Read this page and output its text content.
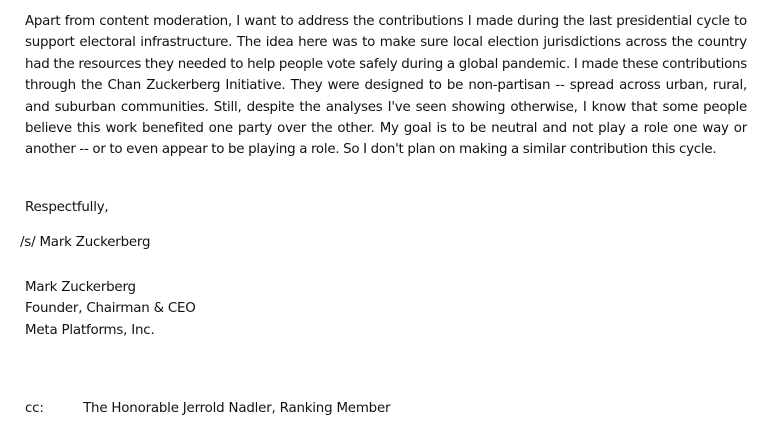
Apart from content moderation, I want to address the contributions I made during the last presidential cycle to support electoral infrastructure. The idea here was to make sure local election jurisdictions across the country had the resources they needed to help people vote safely during a global pandemic. I made these contributions through the Chan Zuckerberg Initiative. They were designed to be non-partisan -- spread across urban, rural, and suburban communities. Still, despite the analyses I've seen showing otherwise, I know that some people believe this work benefited one party over the other. My goal is to be neutral and not play a role one way or another -- or to even appear to be playing a role. So I don't plan on making a similar contribution this cycle.

Respectfully,

/s/ Mark Zuckerberg

Mark Zuckerberg
Founder, Chairman & CEO
Meta Platforms, Inc.
cc:	The Honorable Jerrold Nadler, Ranking Member
